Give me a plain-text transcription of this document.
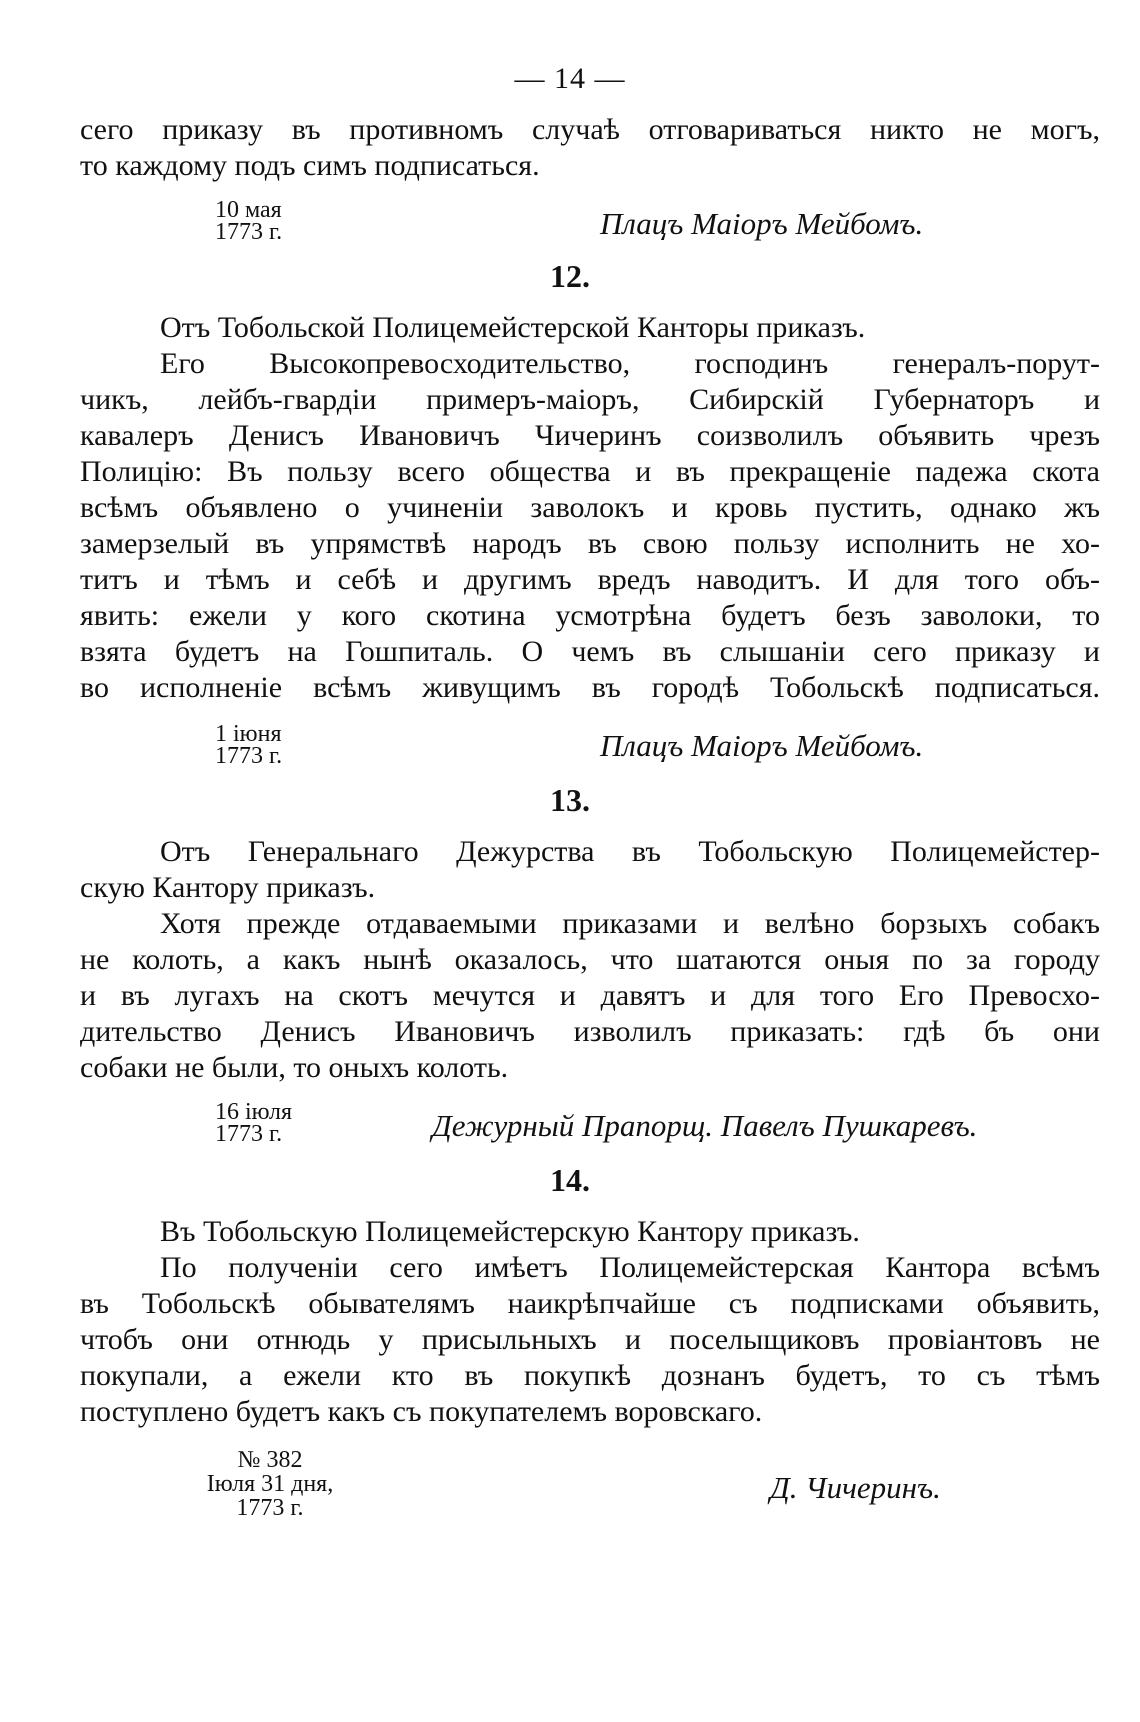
— 14 —
сего приказу въ противномъ случаѣ отговариваться никто не могъ,
то каждому подъ симъ подписаться.
10 мая
1773 г.	Плацъ Маіоръ Мейбомъ.
12.
Отъ Тобольской Полицемейстерской Канторы приказъ.
Его Высокопревосходительство, господинъ генералъ-порут-
чикъ, лейбъ-гвардіи примеръ-маіоръ, Сибирскій Губернаторъ и
кавалеръ Денисъ Ивановичъ Чичеринъ соизволилъ объявить чрезъ
Полицію: Въ пользу всего общества и въ прекращеніе падежа скота
всѣмъ объявлено о учиненіи заволокъ и кровь пустить, однако жъ
замерзелый въ упрямствѣ народъ въ свою пользу исполнить не хо-
титъ и тѣмъ и себѣ и другимъ вредъ наводитъ. И для того объ-
явить: ежели у кого скотина усмотрѣна будетъ безъ заволоки, то
взята будетъ на Гошпиталь. О чемъ въ слышаніи сего приказу и
во исполненіе всѣмъ живущимъ въ городѣ Тобольскѣ подписаться.
1 іюня
1773 г.	Плацъ Маіоръ Мейбомъ.
13.
Отъ Генеральнаго Дежурства въ Тобольскую Полицемейстер-
скую Кантору приказъ.
Хотя прежде отдаваемыми приказами и велѣно борзыхъ собакъ
не колоть, а какъ нынѣ оказалось, что шатаются оныя по за городу
и въ лугахъ на скотъ мечутся и давятъ и для того Его Превосхо-
дительство Денисъ Ивановичъ изволилъ приказать: гдѣ бъ они
собаки не были, то оныхъ колоть.
16 іюля
1773 г.	Дежурный Прапорщ. Павелъ Пушкаревъ.
14.
Въ Тобольскую Полицемейстерскую Кантору приказъ.
По полученіи сего имѣетъ Полицемейстерская Кантора всѣмъ
въ Тобольскѣ обывателямъ наикрѣпчайше съ подписками объявить,
чтобъ они отнюдь у присыльныхъ и поселыщиковъ провіантовъ не
покупали, а ежели кто въ покупкѣ дознанъ будетъ, то съ тѣмъ
поступлено будетъ какъ съ покупателемъ воровскаго.
№ 382
Іюля 31 дня,
1773 г.
Д. Чичеринъ.
